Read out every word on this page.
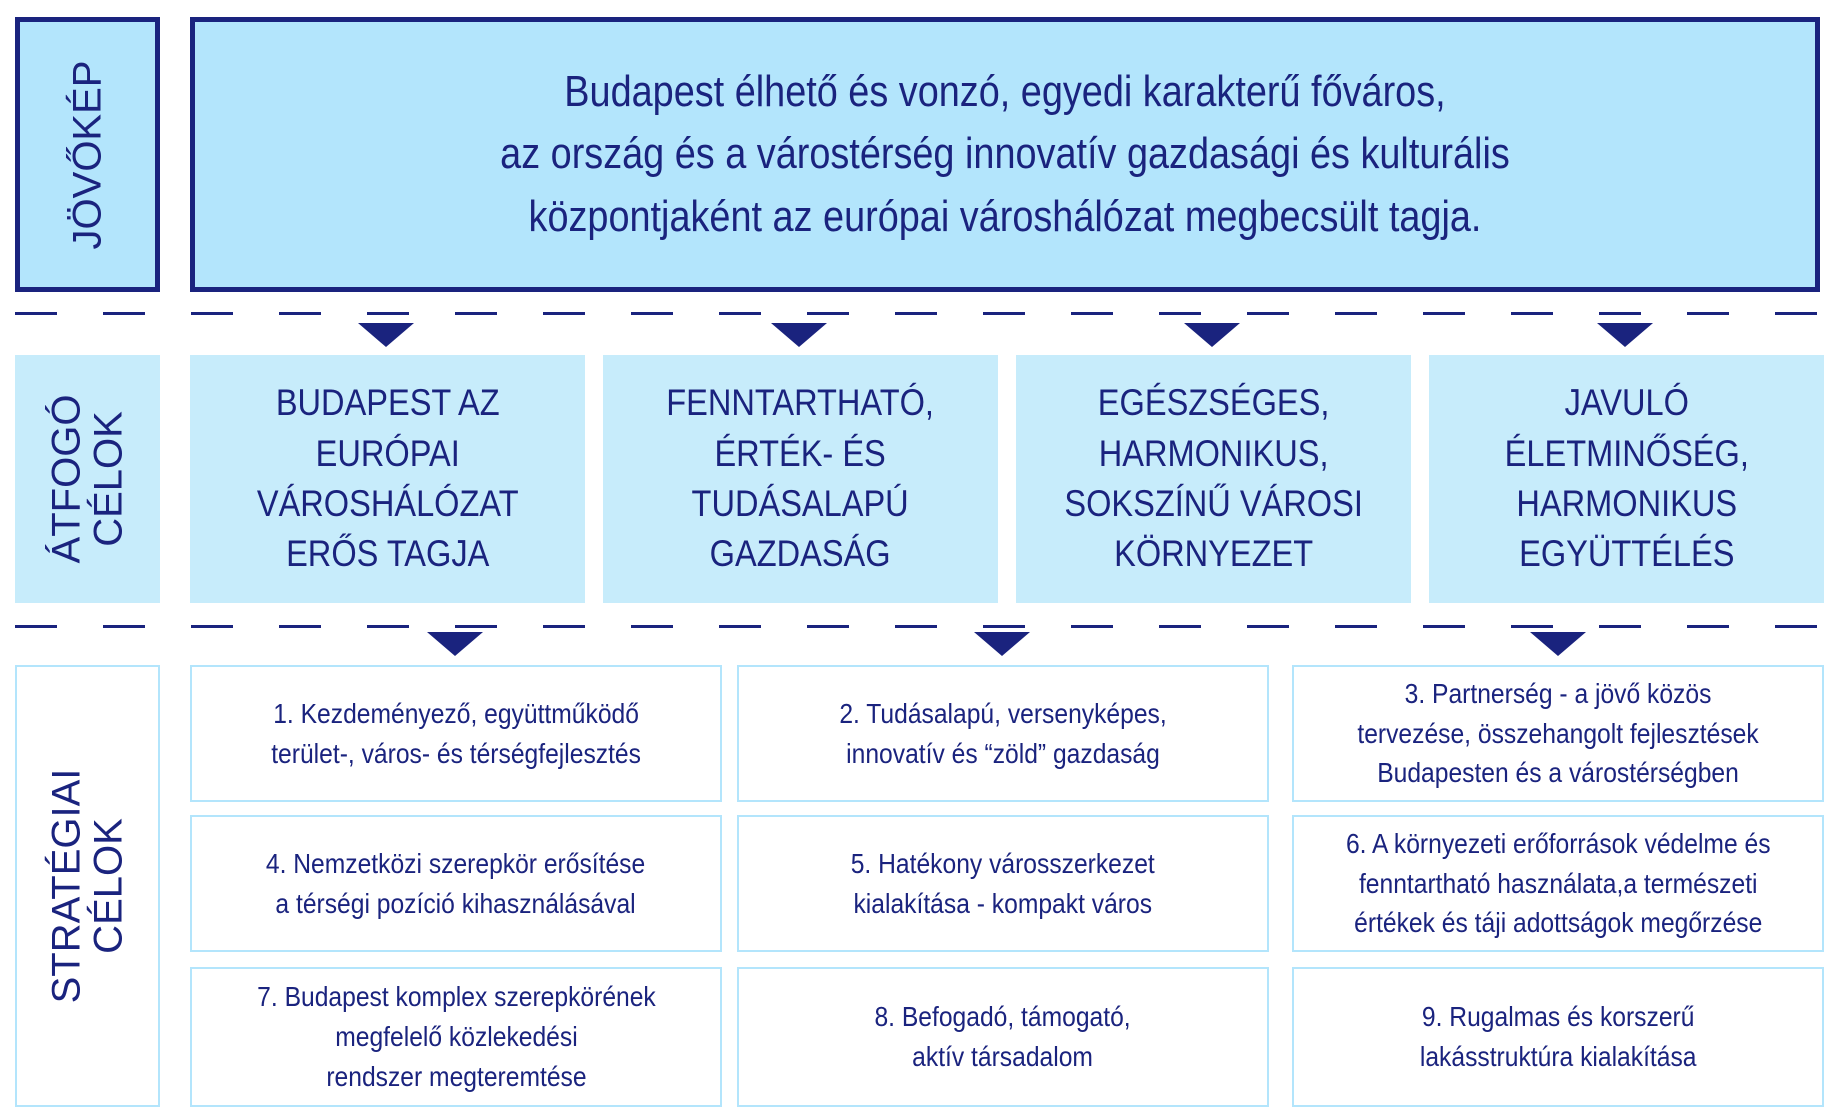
JÖVŐKÉP	Budapest élhető és vonzó, egyedi karakterű főváros,
az ország és a várostérség innovatív gazdasági és kulturális
központjaként az európai városhálózat megbecsült tagja.
ÁTFOGÓ
CÉLOK
BUDAPEST AZ
EURÓPAI
VÁROSHÁLÓZAT
ERŐS TAGJA
FENNTARTHATÓ,
ÉRTÉK- ÉS
TUDÁSALAPÚ
GAZDASÁG
EGÉSZSÉGES,
HARMONIKUS,
SOKSZÍNŰ VÁROSI
KÖRNYEZET
JAVULÓ
ÉLETMINŐSÉG,
HARMONIKUS
EGYÜTTÉLÉS
STRATÉGIAI
CÉLOK
1. Kezdeményező, együttműködő
terület-, város- és térségfejlesztés
2. Tudásalapú, versenyképes,
innovatív és “zöld” gazdaság
3. Partnerség - a jövő közös
tervezése, összehangolt fejlesztések
Budapesten és a várostérségben
4. Nemzetközi szerepkör erősítése
a térségi pozíció kihasználásával
5. Hatékony városszerkezet
kialakítása - kompakt város
6. A környezeti erőforrások védelme és
fenntartható használata,a természeti
értékek és táji adottságok megőrzése
7. Budapest komplex szerepkörének
megfelelő közlekedési
rendszer megteremtése
8. Befogadó, támogató,
aktív társadalom
9. Rugalmas és korszerű
lakásstruktúra kialakítása
